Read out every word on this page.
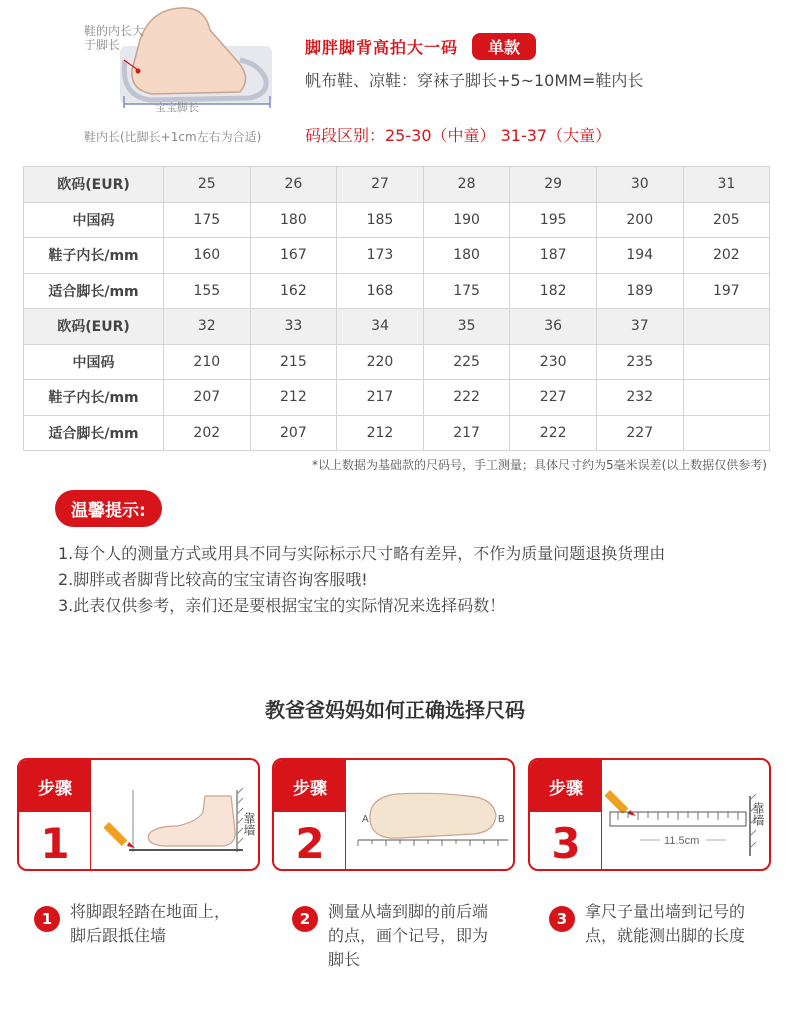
鞋的内长大于脚长
宝宝脚长
鞋内长(比脚长+1cm左右为合适)
脚胖脚背高拍大一码	单款
帆布鞋、凉鞋：穿袜子脚长+5~10MM=鞋内长
码段区别：25-30（中童） 31-37（大童）
欧码(EUR)	25	26	27	28	29	30	31
中国码	175	180	185	190	195	200	205
鞋子内长/mm	160	167	173	180	187	194	202
适合脚长/mm	155	162	168	175	182	189	197
欧码(EUR)	32	33	34	35	36	37	
中国码	210	215	220	225	230	235	
鞋子内长/mm	207	212	217	222	227	232	
适合脚长/mm	202	207	212	217	222	227	
*以上数据为基础款的尺码号，手工测量；具体尺寸约为5毫米误差(以上数据仅供参考)
温馨提示:
1.每个人的测量方式或用具不同与实际标示尺寸略有差异，不作为质量问题退换货理由
2.脚胖或者脚背比较高的宝宝请咨询客服哦!
3.此表仅供参考，亲们还是要根据宝宝的实际情况来选择码数！
教爸爸妈妈如何正确选择尺码
步骤
1	靠墙
步骤
2	A	B
步骤
3	11.5cm
靠墙
1	将脚跟轻踏在地面上，脚后跟抵住墙
2	测量从墙到脚的前后端的点，画个记号，即为脚长
3	拿尺子量出墙到记号的点，就能测出脚的长度
